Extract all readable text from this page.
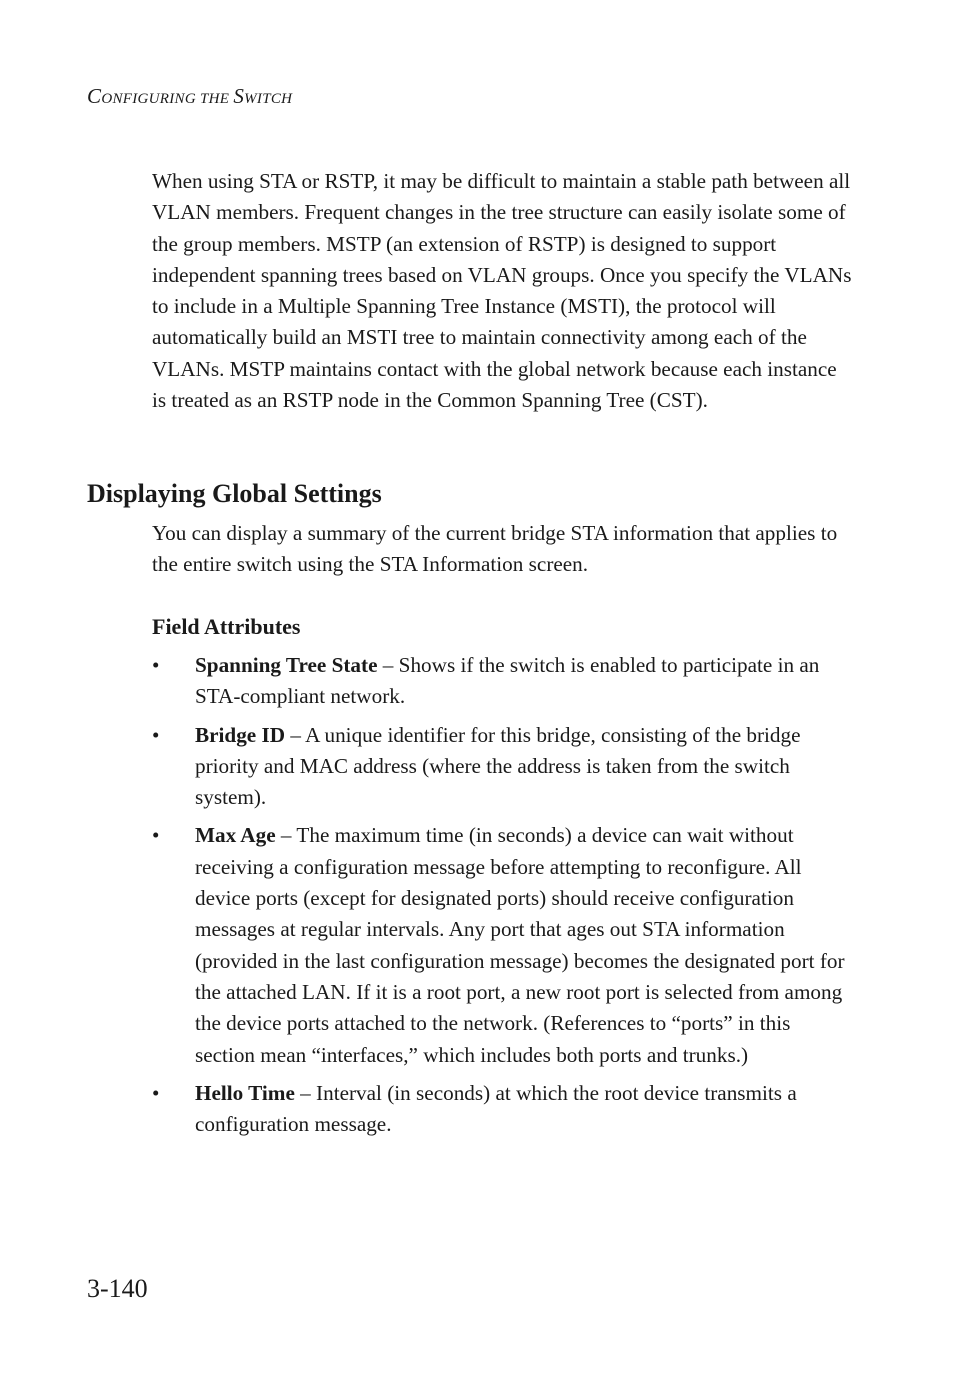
CONFIGURING THE SWITCH

When using STA or RSTP, it may be difficult to maintain a stable path between all VLAN members. Frequent changes in the tree structure can easily isolate some of the group members. MSTP (an extension of RSTP) is designed to support independent spanning trees based on VLAN groups. Once you specify the VLANs to include in a Multiple Spanning Tree Instance (MSTI), the protocol will automatically build an MSTI tree to maintain connectivity among each of the VLANs. MSTP maintains contact with the global network because each instance is treated as an RSTP node in the Common Spanning Tree (CST).

Displaying Global Settings

You can display a summary of the current bridge STA information that applies to the entire switch using the STA Information screen.

Field Attributes
• Spanning Tree State – Shows if the switch is enabled to participate in an STA-compliant network.
• Bridge ID – A unique identifier for this bridge, consisting of the bridge priority and MAC address (where the address is taken from the switch system).
• Max Age – The maximum time (in seconds) a device can wait without receiving a configuration message before attempting to reconfigure. All device ports (except for designated ports) should receive configuration messages at regular intervals. Any port that ages out STA information (provided in the last configuration message) becomes the designated port for the attached LAN. If it is a root port, a new root port is selected from among the device ports attached to the network. (References to “ports” in this section mean “interfaces,” which includes both ports and trunks.)
• Hello Time – Interval (in seconds) at which the root device transmits a configuration message.
3-140
